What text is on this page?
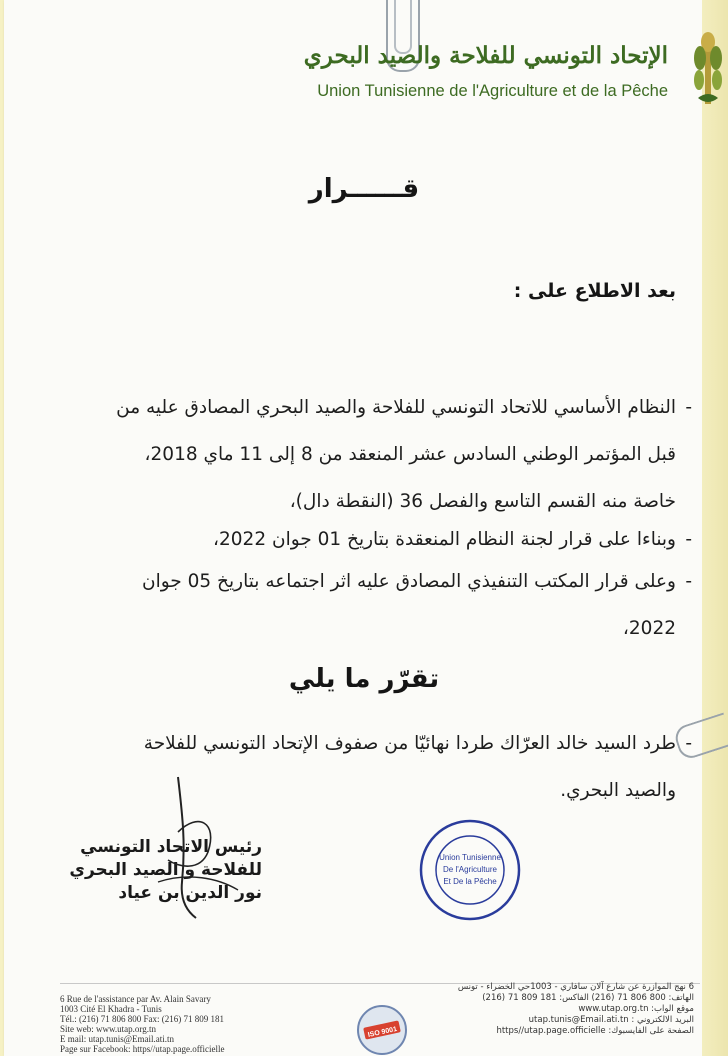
الإتحاد التونسي للفلاحة والصيد البحري
Union Tunisienne de l'Agriculture et de la Pêche
قــــــرار
بعد الاطلاع على :
-
النظام الأساسي للاتحاد التونسي للفلاحة والصيد البحري المصادق عليه من قبل المؤتمر الوطني السادس عشر المنعقد من 8 إلى 11 ماي 2018، خاصة منه القسم التاسع والفصل 36 (النقطة دال)،
-
وبناءا على قرار لجنة النظام المنعقدة بتاريخ 01 جوان 2022،
-
وعلى قرار المكتب التنفيذي المصادق عليه اثر اجتماعه بتاريخ 05 جوان 2022،
تقرّر ما يلي
-
طرد السيد خالد العرّاك طردا نهائيّا من صفوف الإتحاد التونسي للفلاحة والصيد البحري.
رئيس الاتحاد التونسي
للفلاحة و الصيد البحري
نور الدين بن عياد
Union Tunisienne
De l'Agriculture
Et De la Pêche
6 Rue de l'assistance par Av. Alain Savary
1003 Cité El Khadra - Tunis
Tél.: (216) 71 806 800 Fax: (216) 71 809 181
Site web: www.utap.org.tn
E mail: utap.tunis@Email.ati.tn
Page sur Facebook: https//utap.page.officielle
ISO 9001
6 نهج الموازرة عن شارع آلان سافاري - 1003حي الخضراء - تونس
الهاتف: 800 806 71 (216) الفاكس: 181 809 71 (216)
موقع الواب: www.utap.org.tn
البريد الالكتروني : utap.tunis@Email.ati.tn
الصفحة على الفايسبوك: https//utap.page.officielle
